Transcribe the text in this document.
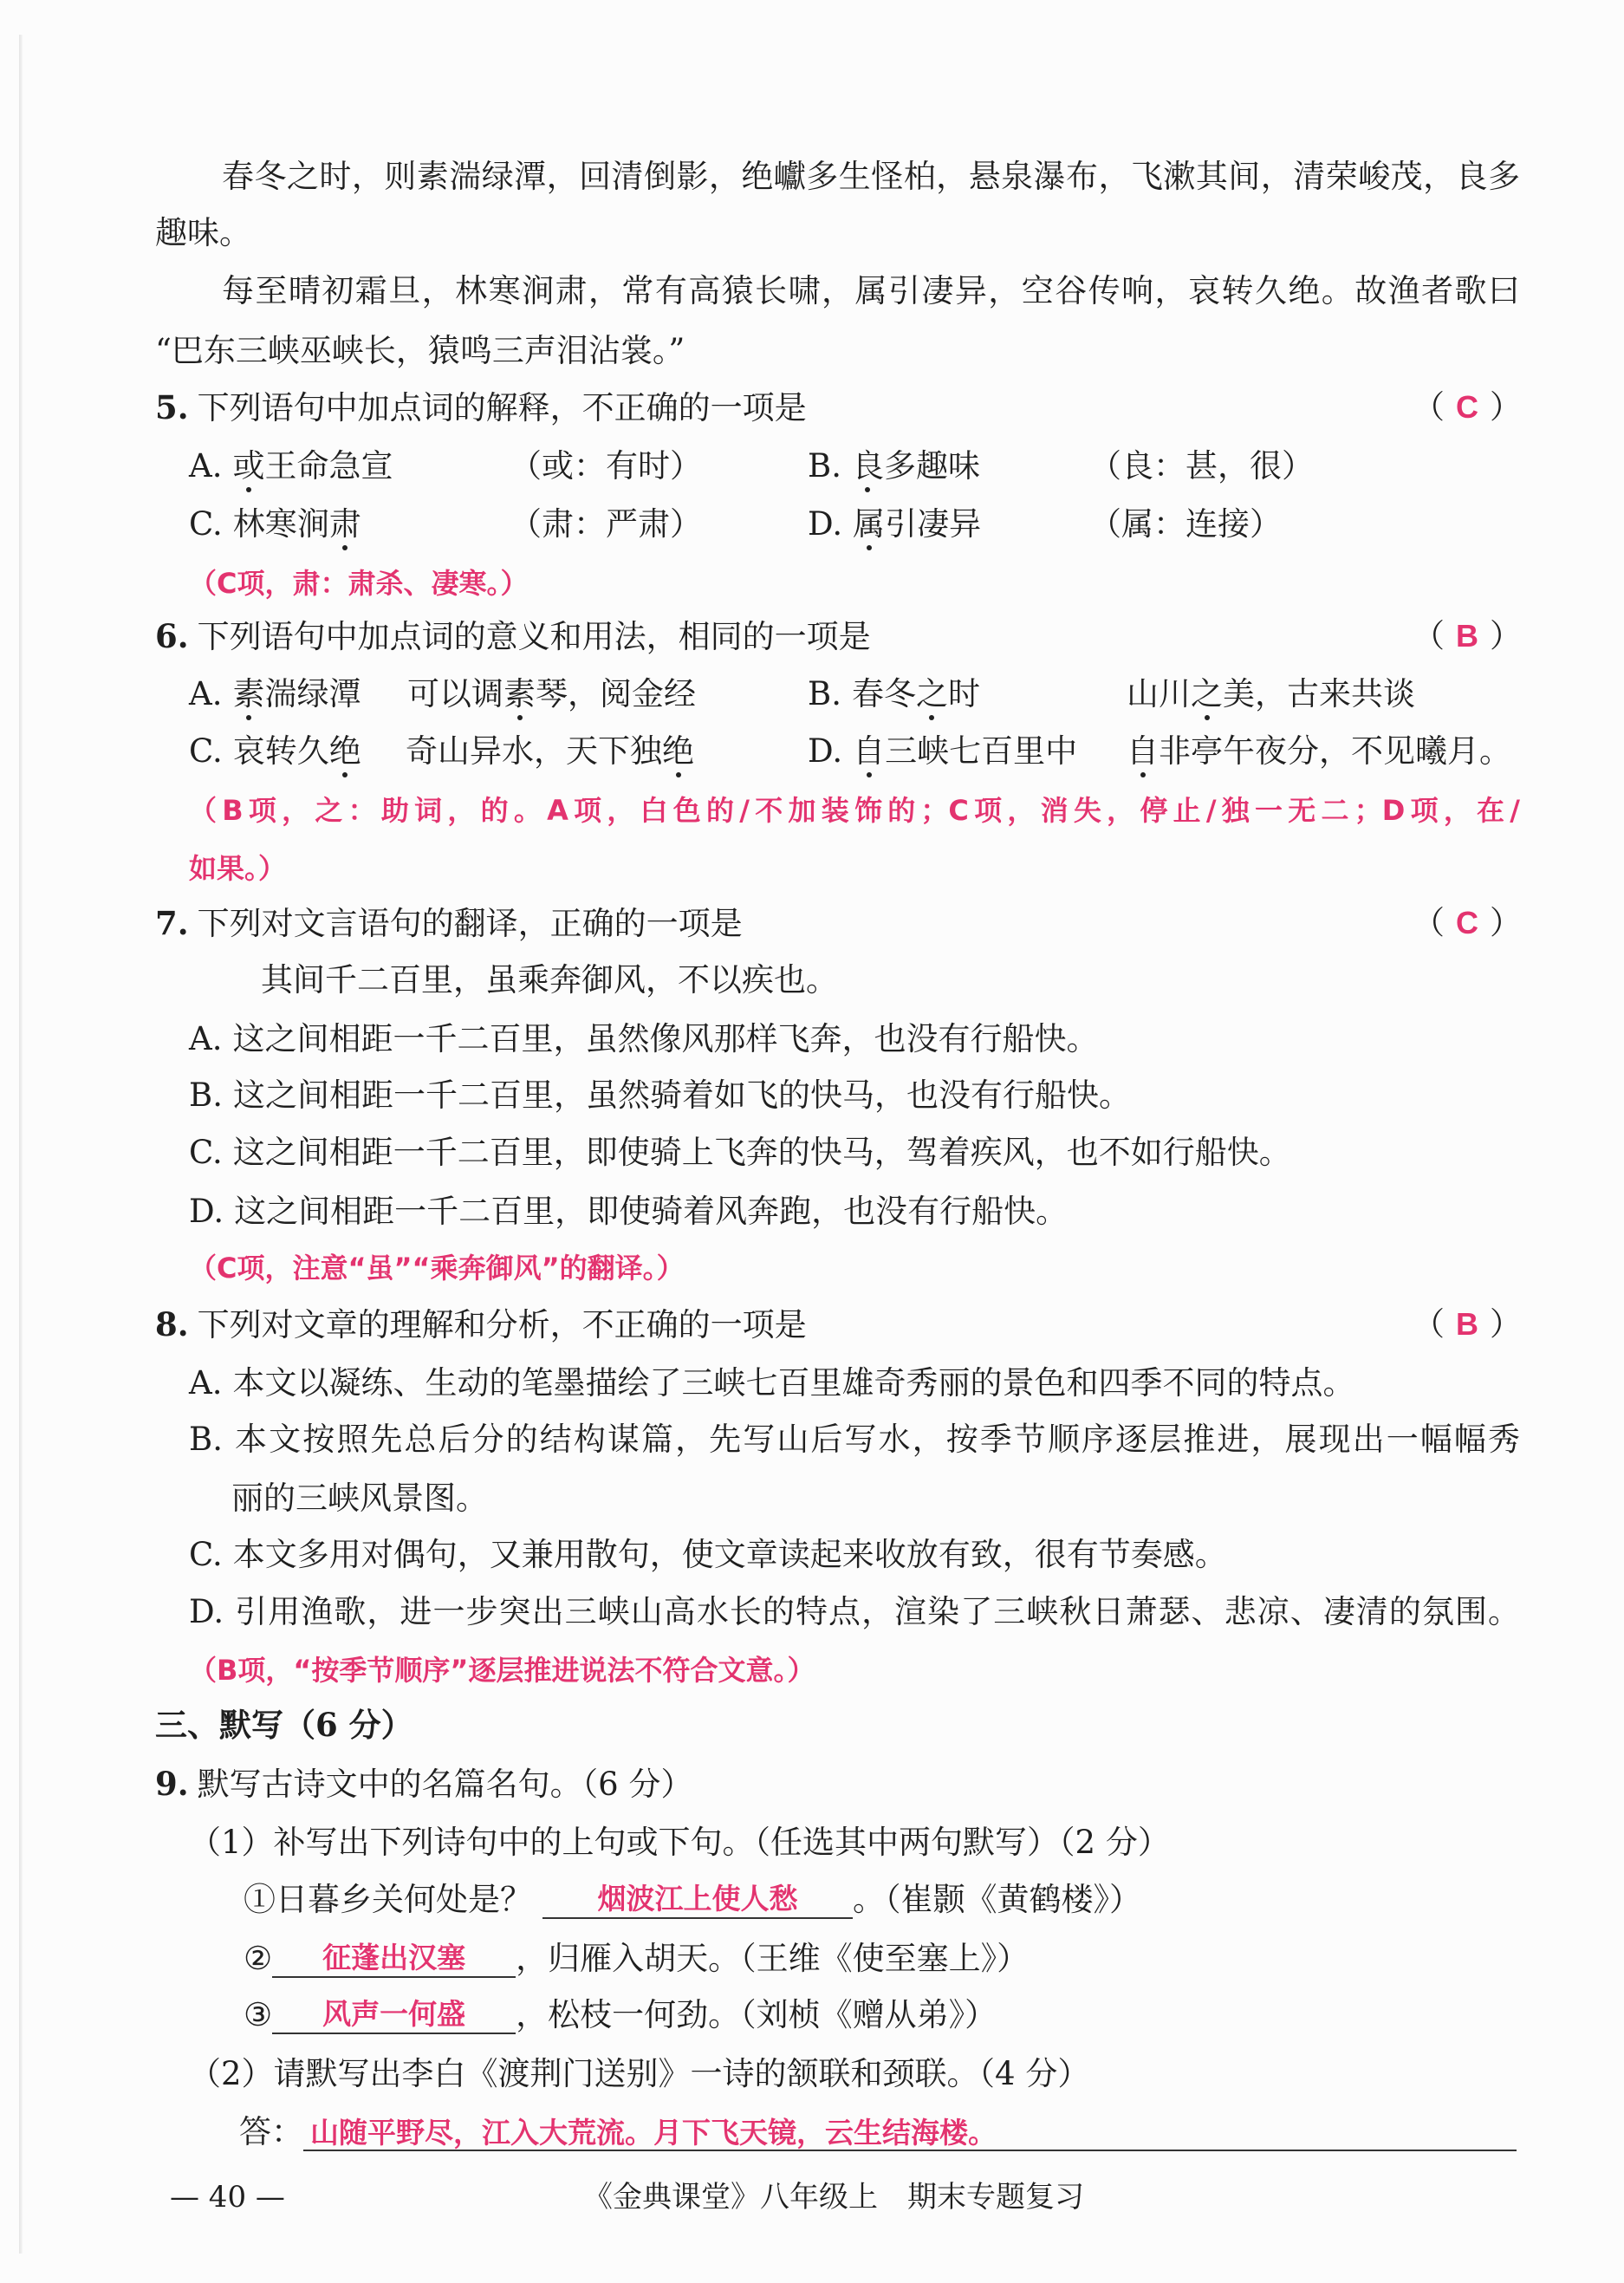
春冬之时，则素湍绿潭，回清倒影，绝巘多生怪柏，悬泉瀑布，飞漱其间，清荣峻茂，良多
趣味。
每至晴初霜旦，林寒涧肃，常有高猿长啸，属引凄异，空谷传响，哀转久绝。故渔者歌曰
“巴东三峡巫峡长，猿鸣三声泪沾裳。”
5. 下列语句中加点词的解释，不正确的一项是	（ C ）
A. 或王命急宣	（或：有时）	B. 良多趣味	（良：甚，很）
C. 林寒涧肃	（肃：严肃）	D. 属引凄异	（属：连接）
（C项，肃：肃杀、凄寒。）
6. 下列语句中加点词的意义和用法，相同的一项是	（ B ）
A. 素湍绿潭 可以调素琴，阅金经	B. 春冬之时	山川之美，古来共谈
C. 哀转久绝 奇山异水，天下独绝	D. 自三峡七百里中 自非亭午夜分，不见曦月。
（B项，之：助词，的。A项，白色的/不加装饰的；C项，消失，停止/独一无二；D项，在/
如果。）
7. 下列对文言语句的翻译，正确的一项是	（ C ）
其间千二百里，虽乘奔御风，不以疾也。
A. 这之间相距一千二百里，虽然像风那样飞奔，也没有行船快。
B. 这之间相距一千二百里，虽然骑着如飞的快马，也没有行船快。
C. 这之间相距一千二百里，即使骑上飞奔的快马，驾着疾风，也不如行船快。
D. 这之间相距一千二百里，即使骑着风奔跑，也没有行船快。
（C项，注意“虽”“乘奔御风”的翻译。）
8. 下列对文章的理解和分析，不正确的一项是	（ B ）
A. 本文以凝练、生动的笔墨描绘了三峡七百里雄奇秀丽的景色和四季不同的特点。
B. 本文按照先总后分的结构谋篇，先写山后写水，按季节顺序逐层推进，展现出一幅幅秀
丽的三峡风景图。
C. 本文多用对偶句，又兼用散句，使文章读起来收放有致，很有节奏感。
D. 引用渔歌，进一步突出三峡山高水长的特点，渲染了三峡秋日萧瑟、悲凉、凄清的氛围。
（B项，“按季节顺序”逐层推进说法不符合文意。）
三、默写（6 分）
9. 默写古诗文中的名篇名句。（6 分）
（1）补写出下列诗句中的上句或下句。（任选其中两句默写）（2 分）
①日暮乡关何处是？ 烟波江上使人愁 。（崔颢《黄鹤楼》）
② 征蓬出汉塞 ，归雁入胡天。（王维《使至塞上》）
③ 风声一何盛 ，松枝一何劲。（刘桢《赠从弟》）
（2）请默写出李白《渡荆门送别》一诗的颔联和颈联。（4 分）
答： 山随平野尽，江入大荒流。月下飞天镜，云生结海楼。
— 40 —	《金典课堂》八年级上　期末专题复习
